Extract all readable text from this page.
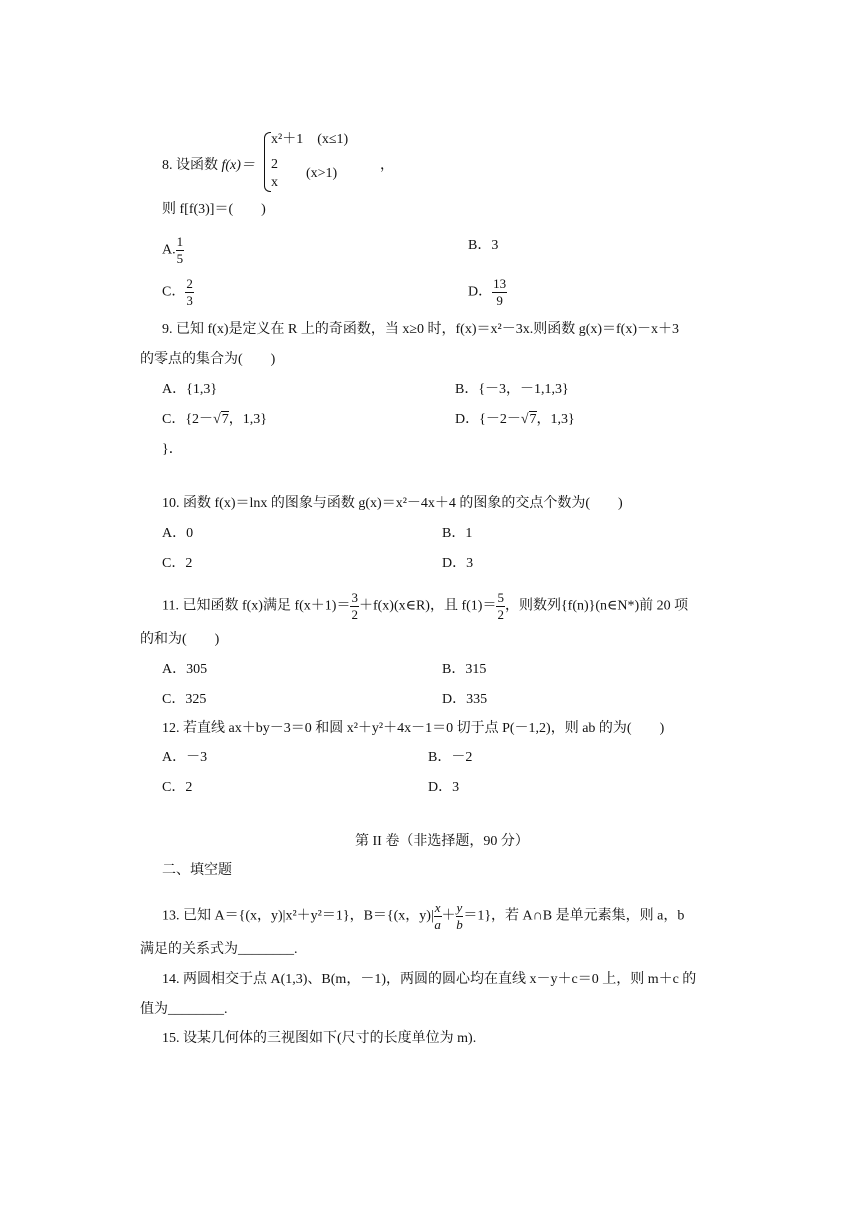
8. 设函数 f(x)＝
x²＋1　(x≤1)
2
x
(x>1)
，
则 f[f(3)]＝(　　)
A. $\frac{1}{5}$	B．3
C． $\frac{2}{3}$	D． $\frac{13}{9}$
9. 已知 f(x)是定义在 R 上的奇函数，当 x≥0 时，f(x)＝x²－3x.则函数 g(x)＝f(x)－x＋3
的零点的集合为(　　)
A．{1,3}	B．{－3，－1,1,3}
C．{2－√7，1,3}	D．{－2－√7，1,3}
}．
10. 函数 f(x)＝lnx 的图象与函数 g(x)＝x²－4x＋4 的图象的交点个数为(　　)
A．0	B．1
C．2	D．3
11. 已知函数 f(x)满足 $f(x+1)= \frac{3}{2}$ ＋f(x)(x∈R)，且 $f(1)= \frac{5}{2}$ ，则数列{f(n)}(n∈N*)前 20 项
的和为(　　)
A．305	B．315
C．325	D．335
12. 若直线 ax＋by－3＝0 和圆 x²＋y²＋4x－1＝0 切于点 P(－1,2)，则 ab 的为(　　)
A．－3	B．－2
C．2	D．3
第 II 卷（非选择题，90 分）
二、填空题
13. 已知 A＝{(x，y)|x²＋y²＝1}，B＝{(x，$y)| \frac{x}{a} + \frac{y}{b} =1$}，若 A∩B 是单元素集，则 a，b
满足的关系式为________.
14. 两圆相交于点 A(1,3)、B(m，－1)，两圆的圆心均在直线 x－y＋c＝0 上，则 m＋c 的
值为________.
15. 设某几何体的三视图如下(尺寸的长度单位为 m).
